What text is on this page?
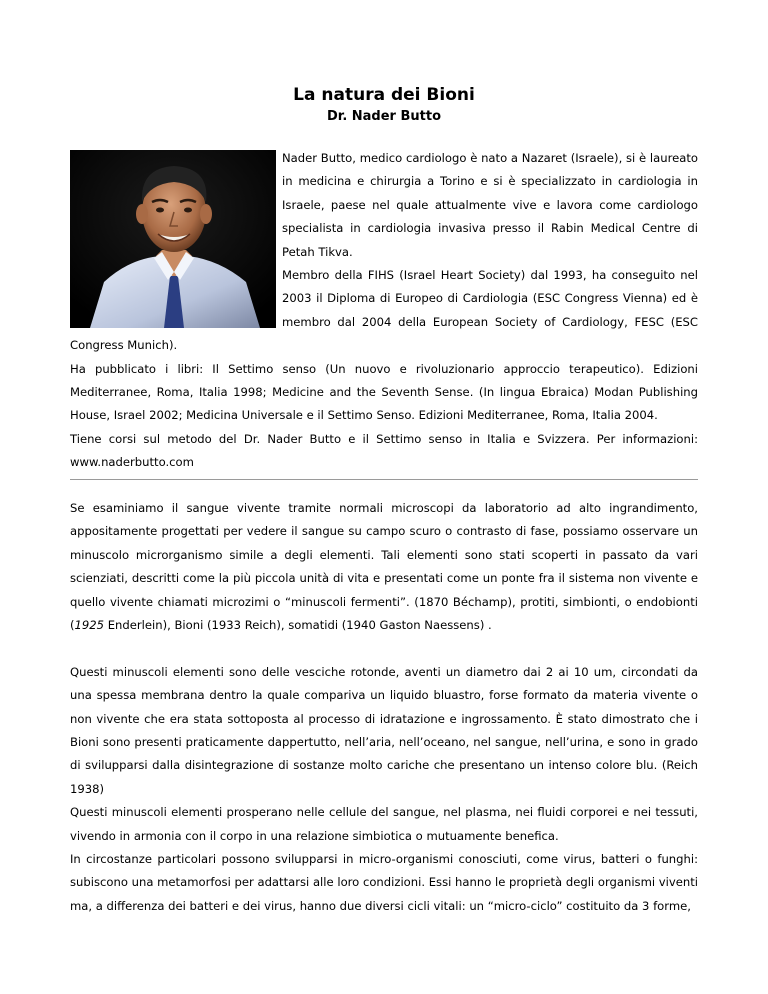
La natura dei Bioni
Dr. Nader Butto

Nader Butto, medico cardiologo è nato a Nazaret (Israele), si è laureato in medicina e chirurgia a Torino e si è specializzato in cardiologia in Israele, paese nel quale attualmente vive e lavora come cardiologo specialista in cardiologia invasiva presso il Rabin Medical Centre di Petah Tikva.

Membro della FIHS (Israel Heart Society) dal 1993, ha conseguito nel 2003 il Diploma di Europeo di Cardiologia (ESC Congress Vienna) ed è membro dal 2004 della European Society of Cardiology, FESC (ESC Congress Munich).

Ha pubblicato i libri: Il Settimo senso (Un nuovo e rivoluzionario approccio terapeutico). Edizioni Mediterranee, Roma, Italia 1998; Medicine and the Seventh Sense. (In lingua Ebraica) Modan Publishing House, Israel 2002; Medicina Universale e il Settimo Senso. Edizioni Mediterranee, Roma, Italia 2004.

Tiene corsi sul metodo del Dr. Nader Butto e il Settimo senso in Italia e Svizzera. Per informazioni: www.naderbutto.com

Se esaminiamo il sangue vivente tramite normali microscopi da laboratorio ad alto ingrandimento, appositamente progettati per vedere il sangue su campo scuro o contrasto di fase, possiamo osservare un minuscolo microrganismo simile a degli elementi. Tali elementi sono stati scoperti in passato da vari scienziati, descritti come la più piccola unità di vita e presentati come un ponte fra il sistema non vivente e quello vivente chiamati microzimi o “minuscoli fermenti”. (1870 Béchamp), protiti, simbionti, o endobionti (1925 Enderlein), Bioni (1933 Reich), somatidi (1940 Gaston Naessens) .

Questi minuscoli elementi sono delle vesciche rotonde, aventi un diametro dai 2 ai 10 um, circondati da una spessa membrana dentro la quale compariva un liquido bluastro, forse formato da materia vivente o non vivente che era stata sottoposta al processo di idratazione e ingrossamento. È stato dimostrato che i Bioni sono presenti praticamente dappertutto, nell’aria, nell’oceano, nel sangue, nell’urina, e sono in grado di svilupparsi dalla disintegrazione di sostanze molto cariche che presentano un intenso colore blu. (Reich 1938)

Questi minuscoli elementi prosperano nelle cellule del sangue, nel plasma, nei fluidi corporei e nei tessuti, vivendo in armonia con il corpo in una relazione simbiotica o mutuamente benefica.

In circostanze particolari possono svilupparsi in micro-organismi conosciuti, come virus, batteri o funghi: subiscono una metamorfosi per adattarsi alle loro condizioni. Essi hanno le proprietà degli organismi viventi ma, a differenza dei batteri e dei virus, hanno due diversi cicli vitali: un “micro-ciclo” costituito da 3 forme,
